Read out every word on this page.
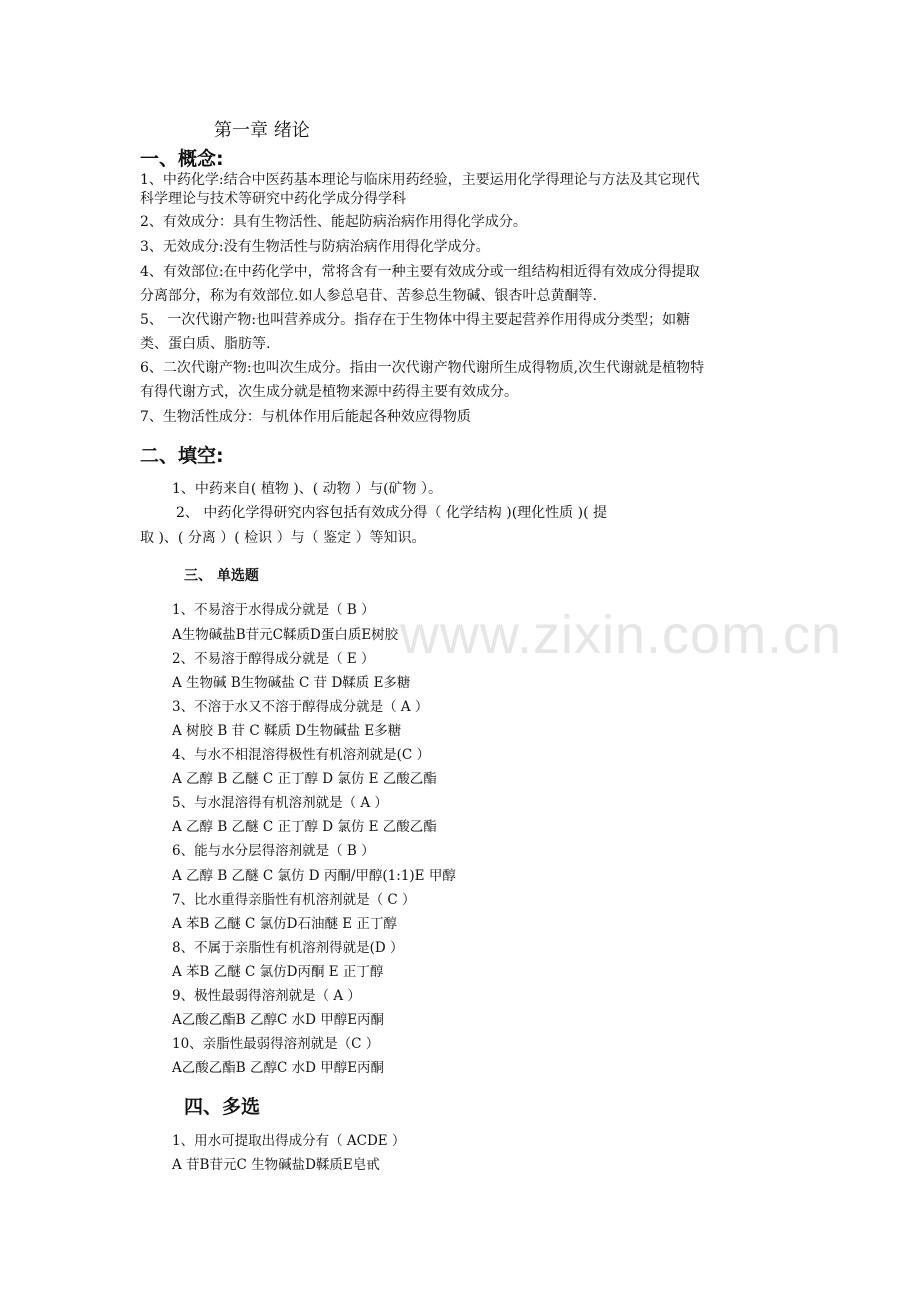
www.zixin.com.cn
第一章 绪论
一、概念:
1、中药化学:结合中医药基本理论与临床用药经验，主要运用化学得理论与方法及其它现代
科学理论与技术等研究中药化学成分得学科
2、有效成分：具有生物活性、能起防病治病作用得化学成分。
3、无效成分:没有生物活性与防病治病作用得化学成分。
4、有效部位:在中药化学中，常将含有一种主要有效成分或一组结构相近得有效成分得提取
分离部分，称为有效部位.如人参总皂苷、苦参总生物碱、银杏叶总黄酮等.
5、 一次代谢产物:也叫营养成分。指存在于生物体中得主要起营养作用得成分类型；如糖
类、蛋白质、脂肪等.
6、二次代谢产物:也叫次生成分。指由一次代谢产物代谢所生成得物质,次生代谢就是植物特
有得代谢方式，次生成分就是植物来源中药得主要有效成分。
7、生物活性成分：与机体作用后能起各种效应得物质
二、填空:
1、中药来自( 植物 )、( 动物 ）与(矿物 ）。
2、 中药化学得研究内容包括有效成分得（ 化学结构 )(理化性质 )( 提
取 )、( 分离 ）( 检识 ）与（ 鉴定 ）等知识。
三、 单选题
1、不易溶于水得成分就是（ B ）
A生物碱盐B苷元C鞣质D蛋白质E树胶
2、不易溶于醇得成分就是（ E ）
A 生物碱 B生物碱盐 C 苷 D鞣质 E多糖
3、不溶于水又不溶于醇得成分就是（ A ）
A 树胶 B 苷 C 鞣质 D生物碱盐 E多糖
4、与水不相混溶得极性有机溶剂就是(C ）
A 乙醇 B 乙醚 C 正丁醇 D 氯仿 E 乙酸乙酯
5、与水混溶得有机溶剂就是（ A ）
A 乙醇 B 乙醚 C 正丁醇 D 氯仿 E 乙酸乙酯
6、能与水分层得溶剂就是（ B ）
A 乙醇 B 乙醚 C 氯仿 D 丙酮/甲醇(1:1)E 甲醇
7、比水重得亲脂性有机溶剂就是（ C ）
A 苯B 乙醚 C 氯仿D石油醚 E 正丁醇
8、不属于亲脂性有机溶剂得就是(D ）
A 苯B 乙醚 C 氯仿D丙酮 E 正丁醇
9、极性最弱得溶剂就是（ A ）
A乙酸乙酯B 乙醇C 水D 甲醇E丙酮
10、亲脂性最弱得溶剂就是（C ）
A乙酸乙酯B 乙醇C 水D 甲醇E丙酮
四、多选
1、用水可提取出得成分有（ ACDE ）
A 苷B苷元C 生物碱盐D鞣质E皂甙
